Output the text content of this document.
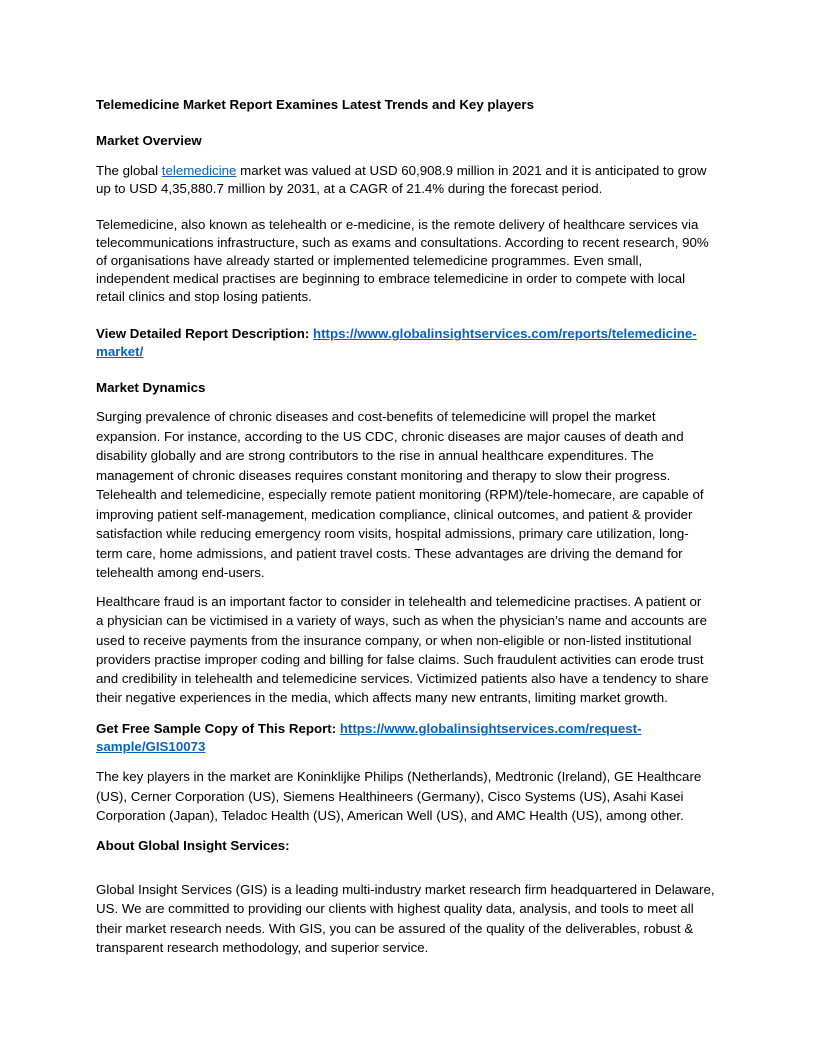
Telemedicine Market Report Examines Latest Trends and Key players
Market Overview
The global telemedicine market was valued at USD 60,908.9 million in 2021 and it is anticipated to grow
up to USD 4,35,880.7 million by 2031, at a CAGR of 21.4% during the forecast period.
Telemedicine, also known as telehealth or e-medicine, is the remote delivery of healthcare services via
telecommunications infrastructure, such as exams and consultations. According to recent research, 90%
of organisations have already started or implemented telemedicine programmes. Even small,
independent medical practises are beginning to embrace telemedicine in order to compete with local
retail clinics and stop losing patients.
View Detailed Report Description: https://www.globalinsightservices.com/reports/telemedicine-
market/
Market Dynamics
Surging prevalence of chronic diseases and cost-benefits of telemedicine will propel the market
expansion. For instance, according to the US CDC, chronic diseases are major causes of death and
disability globally and are strong contributors to the rise in annual healthcare expenditures. The
management of chronic diseases requires constant monitoring and therapy to slow their progress.
Telehealth and telemedicine, especially remote patient monitoring (RPM)/tele-homecare, are capable of
improving patient self-management, medication compliance, clinical outcomes, and patient & provider
satisfaction while reducing emergency room visits, hospital admissions, primary care utilization, long-
term care, home admissions, and patient travel costs. These advantages are driving the demand for
telehealth among end-users.
Healthcare fraud is an important factor to consider in telehealth and telemedicine practises. A patient or
a physician can be victimised in a variety of ways, such as when the physician’s name and accounts are
used to receive payments from the insurance company, or when non-eligible or non-listed institutional
providers practise improper coding and billing for false claims. Such fraudulent activities can erode trust
and credibility in telehealth and telemedicine services. Victimized patients also have a tendency to share
their negative experiences in the media, which affects many new entrants, limiting market growth.
Get Free Sample Copy of This Report: https://www.globalinsightservices.com/request-
sample/GIS10073
The key players in the market are Koninklijke Philips (Netherlands), Medtronic (Ireland), GE Healthcare
(US), Cerner Corporation (US), Siemens Healthineers (Germany), Cisco Systems (US), Asahi Kasei
Corporation (Japan), Teladoc Health (US), American Well (US), and AMC Health (US), among other.
About Global Insight Services:
Global Insight Services (GIS) is a leading multi-industry market research firm headquartered in Delaware,
US. We are committed to providing our clients with highest quality data, analysis, and tools to meet all
their market research needs. With GIS, you can be assured of the quality of the deliverables, robust &
transparent research methodology, and superior service.
